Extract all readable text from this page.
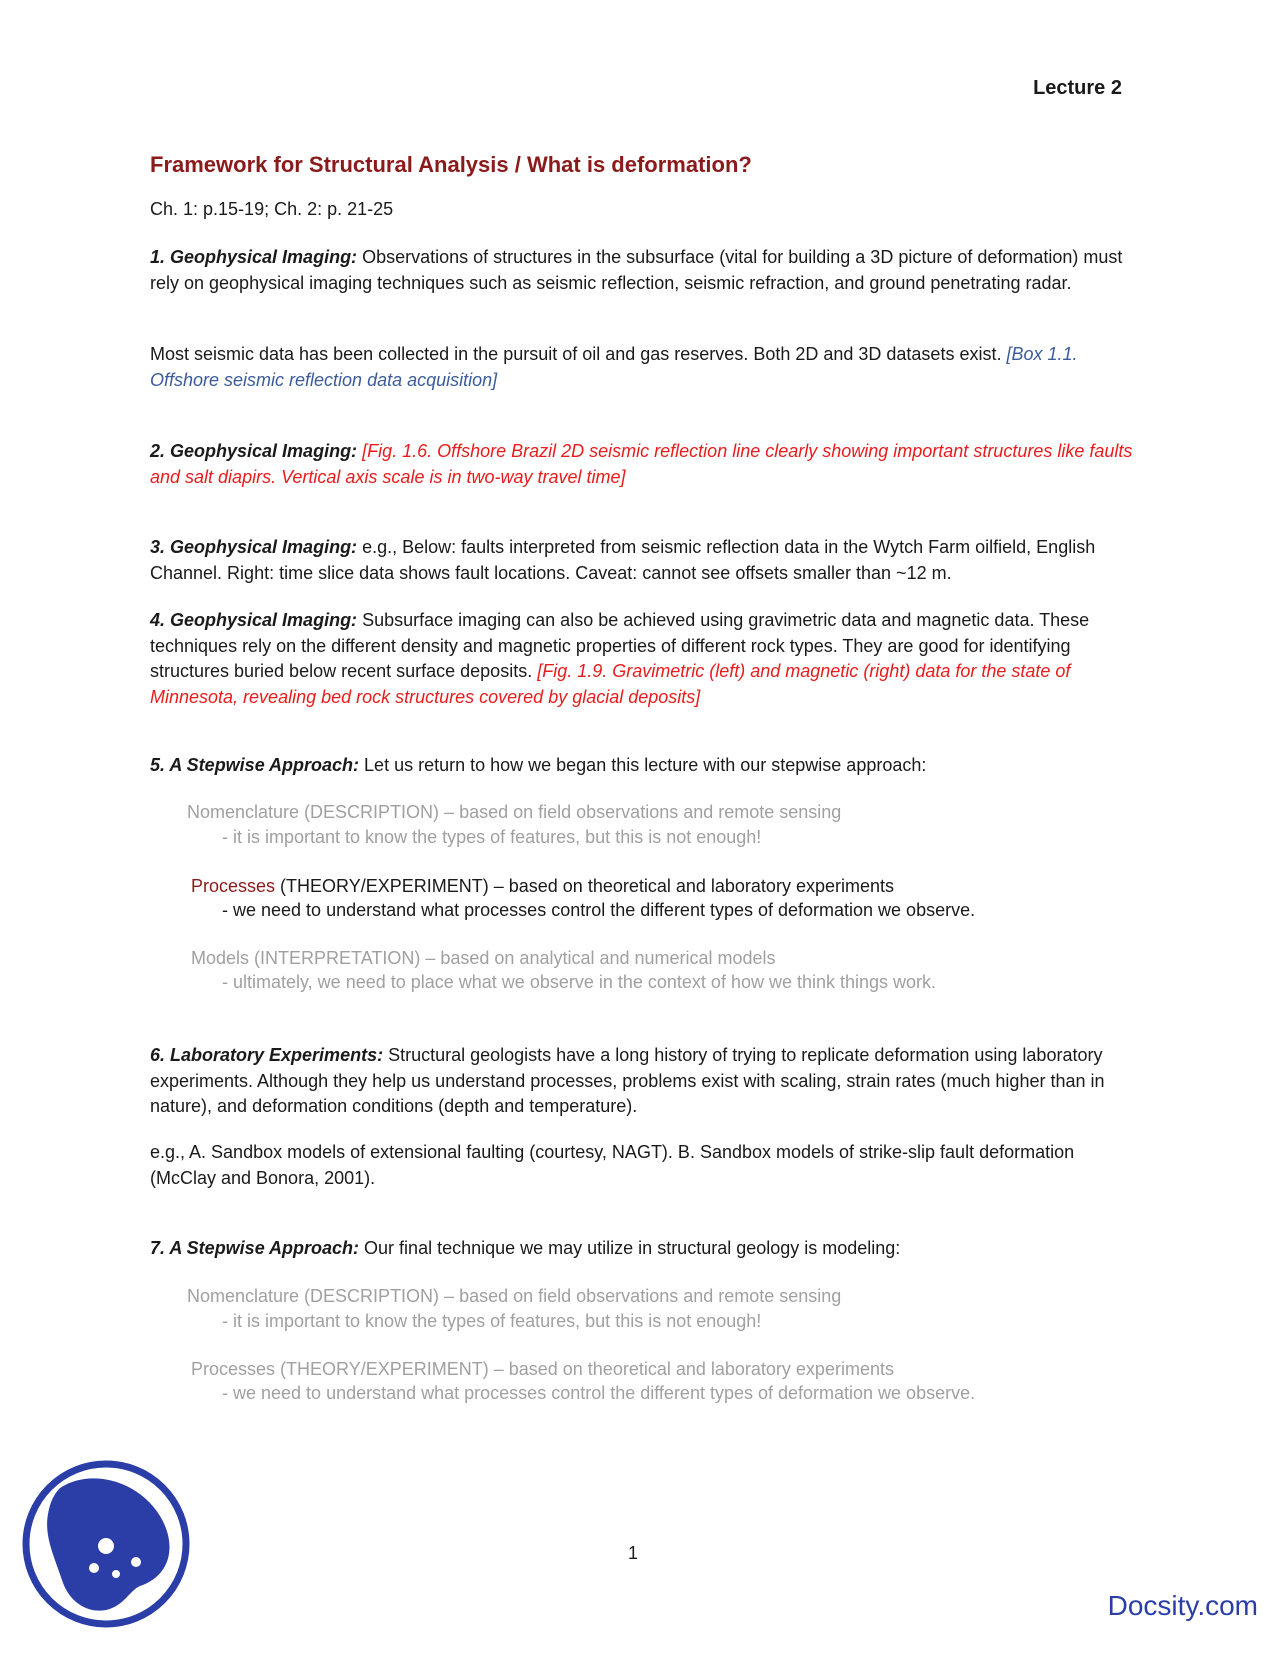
Lecture 2
Framework for Structural Analysis / What is deformation?

Ch. 1: p.15-19; Ch. 2: p. 21-25

1. Geophysical Imaging: Observations of structures in the subsurface (vital for building a 3D picture of deformation) must rely on geophysical imaging techniques such as seismic reflection, seismic refraction, and ground penetrating radar.

Most seismic data has been collected in the pursuit of oil and gas reserves. Both 2D and 3D datasets exist. [Box 1.1. Offshore seismic reflection data acquisition]

2. Geophysical Imaging: [Fig. 1.6. Offshore Brazil 2D seismic reflection line clearly showing important structures like faults and salt diapirs. Vertical axis scale is in two-way travel time]

3. Geophysical Imaging: e.g., Below: faults interpreted from seismic reflection data in the Wytch Farm oilfield, English Channel. Right: time slice data shows fault locations. Caveat: cannot see offsets smaller than ~12 m.

4. Geophysical Imaging: Subsurface imaging can also be achieved using gravimetric data and magnetic data. These techniques rely on the different density and magnetic properties of different rock types. They are good for identifying structures buried below recent surface deposits. [Fig. 1.9. Gravimetric (left) and magnetic (right) data for the state of Minnesota, revealing bed rock structures covered by glacial deposits]

5. A Stepwise Approach: Let us return to how we began this lecture with our stepwise approach:

Nomenclature (DESCRIPTION) – based on field observations and remote sensing

- it is important to know the types of features, but this is not enough!

Processes (THEORY/EXPERIMENT) – based on theoretical and laboratory experiments

- we need to understand what processes control the different types of deformation we observe.

Models (INTERPRETATION) – based on analytical and numerical models

- ultimately, we need to place what we observe in the context of how we think things work.

6. Laboratory Experiments: Structural geologists have a long history of trying to replicate deformation using laboratory experiments. Although they help us understand processes, problems exist with scaling, strain rates (much higher than in nature), and deformation conditions (depth and temperature).

e.g., A. Sandbox models of extensional faulting (courtesy, NAGT). B. Sandbox models of strike-slip fault deformation (McClay and Bonora, 2001).

7. A Stepwise Approach: Our final technique we may utilize in structural geology is modeling:

Nomenclature (DESCRIPTION) – based on field observations and remote sensing

- it is important to know the types of features, but this is not enough!

Processes (THEORY/EXPERIMENT) – based on theoretical and laboratory experiments

- we need to understand what processes control the different types of deformation we observe.

1
Docsity.com
